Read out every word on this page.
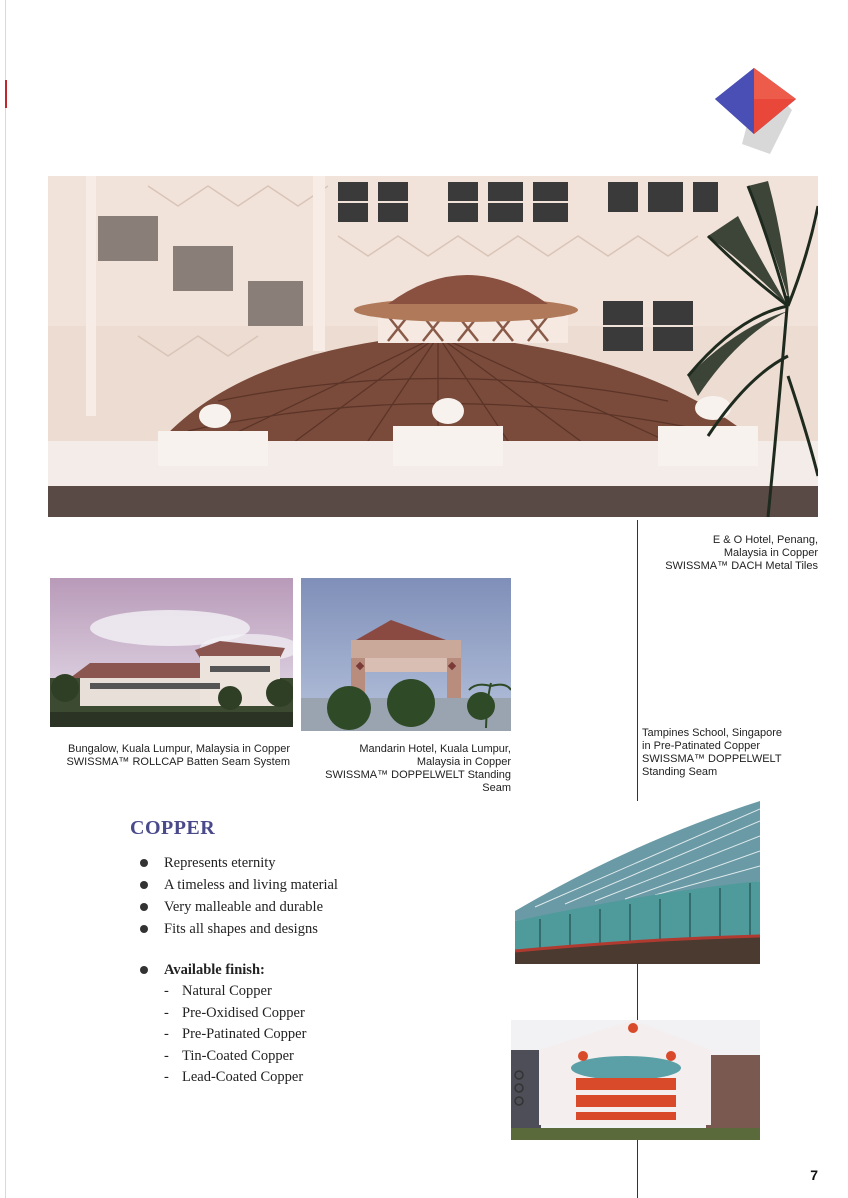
E & O Hotel, Penang,
Malaysia in Copper
SWISSMA™ DACH Metal Tiles
Bungalow, Kuala Lumpur, Malaysia in Copper
SWISSMA™ ROLLCAP Batten Seam System
Mandarin Hotel, Kuala Lumpur,
Malaysia in Copper
SWISSMA™ DOPPELWELT Standing Seam
Tampines School, Singapore
in Pre-Patinated Copper
SWISSMA™ DOPPELWELT
Standing Seam
COPPER
Represents eternity
A timeless and living material
Very malleable and durable
Fits all shapes and designs
Available finish:
- Natural Copper
- Pre-Oxidised Copper
- Pre-Patinated Copper
- Tin-Coated Copper
- Lead-Coated Copper
7
